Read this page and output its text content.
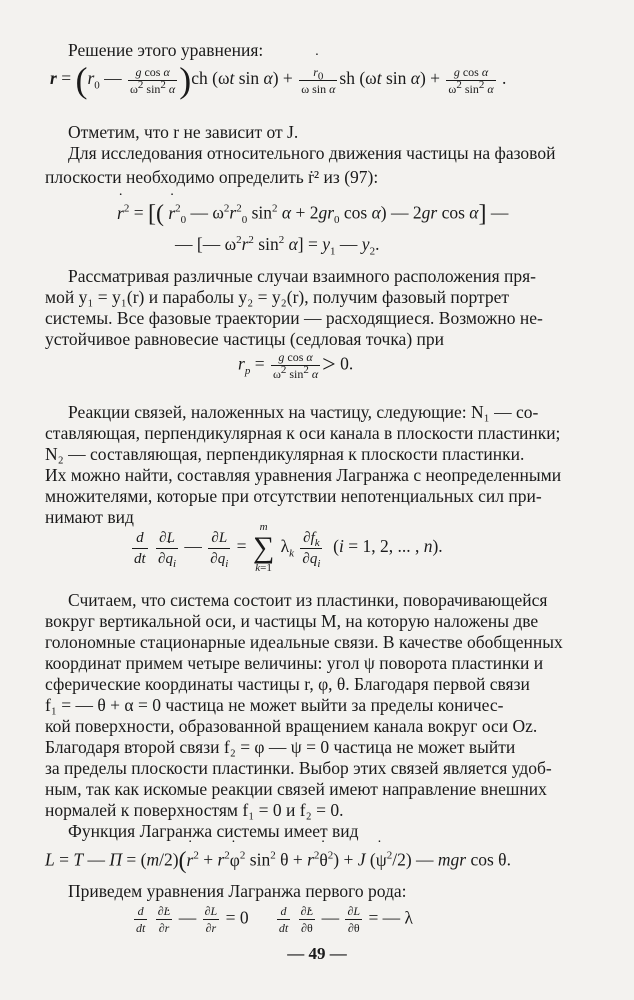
Решение этого уравнения:
$r = (r_0$ — $\frac{\text{g cos α}}{\omega^2 \sin^2 \alpha} )ch$ (ωt sin α) + ˙ $\frac{r_0}{\text{ω sin α}}$ sh (ωt $\sin \alpha) + \frac{\text{g cos α}}{\omega^2 \sin^2 \alpha}$ .
Отметим, что r не зависит от J.
Для исследования относительного движения частицы на фазовой
плоскости необходимо определить ṙ² из (97):
˙ $r^2$ = [( ˙ $r^2_0$ — $\omega^2r^2_0$ $\sin^2 \alpha + 2gr_0$ cos α) — 2gr cos α] —
— [— $\omega^2r^2$ $\sin^2 \alpha] = y_1$ — $y_2$.
Рассматривая различные случаи взаимного расположения пря-
мой y₁ = y₁(r) и параболы y₂ = y₂(r), получим фазовый портрет
системы. Все фазовые траектории — расходящиеся. Возможно не-
устойчивое равновесие частицы (седловая точка) при
$r_p = \frac{\text{g cos α}}{\omega^2 \sin^2 \alpha} > 0$.
Реакции связей, наложенных на частицу, следующие: N₁ — со-
ставляющая, перпендикулярная к оси канала в плоскости пластинки;
N₂ — составляющая, перпендикулярная к плоскости пластинки.
Их можно найти, составляя уравнения Лагранжа с неопределенными
множителями, которые при отсутствии непотенциальных сил при-
нимают вид
$\frac{d}{dt}$
$\frac{\partial L}{\partial˙ q_i}$ — $\frac{\partial L}{\partial q_i} = m$
∑
k=1 $\lambda_k \frac{\partial f_k}{\partial q_i} (i = 1$, 2, ... , n).
Считаем, что система состоит из пластинки, поворачивающейся
вокруг вертикальной оси, и частицы M, на которую наложены две
голономные стационарные идеальные связи. В качестве обобщенных
координат примем четыре величины: угол ψ поворота пластинки и
сферические координаты частицы r, φ, θ. Благодаря первой связи
f₁ = — θ + α = 0 частица не может выйти за пределы коничес-
кой поверхности, образованной вращением канала вокруг оси Oz.
Благодаря второй связи f₂ = φ — ψ = 0 частица не может выйти
за пределы плоскости пластинки. Выбор этих связей является удоб-
ным, так как искомые реакции связей имеют направление внешних
нормалей к поверхностям f₁ = 0 и f₂ = 0.
Функция Лагранжа системы имеет вид
L = T — П = (m/2)(˙ $r^2$ + $r^2˙$ $\varphi^2$ $\sin^2 \theta$ + $r^2˙$ $\theta^2) + J$ (˙ $\psi^2/2$) — mgr cos θ.
Приведем уравнения Лагранжа первого рода:
$\frac{d}{dt}$
$\frac{\partial L}{\partial˙ r}$ — $\frac{\partial L}{\partial r} = 0 \frac{d}{dt}$
$\frac{\partial L}{\partial˙ \theta}$ — $\frac{\partial L}{\partial\theta}$ = — λ
— 49 —
